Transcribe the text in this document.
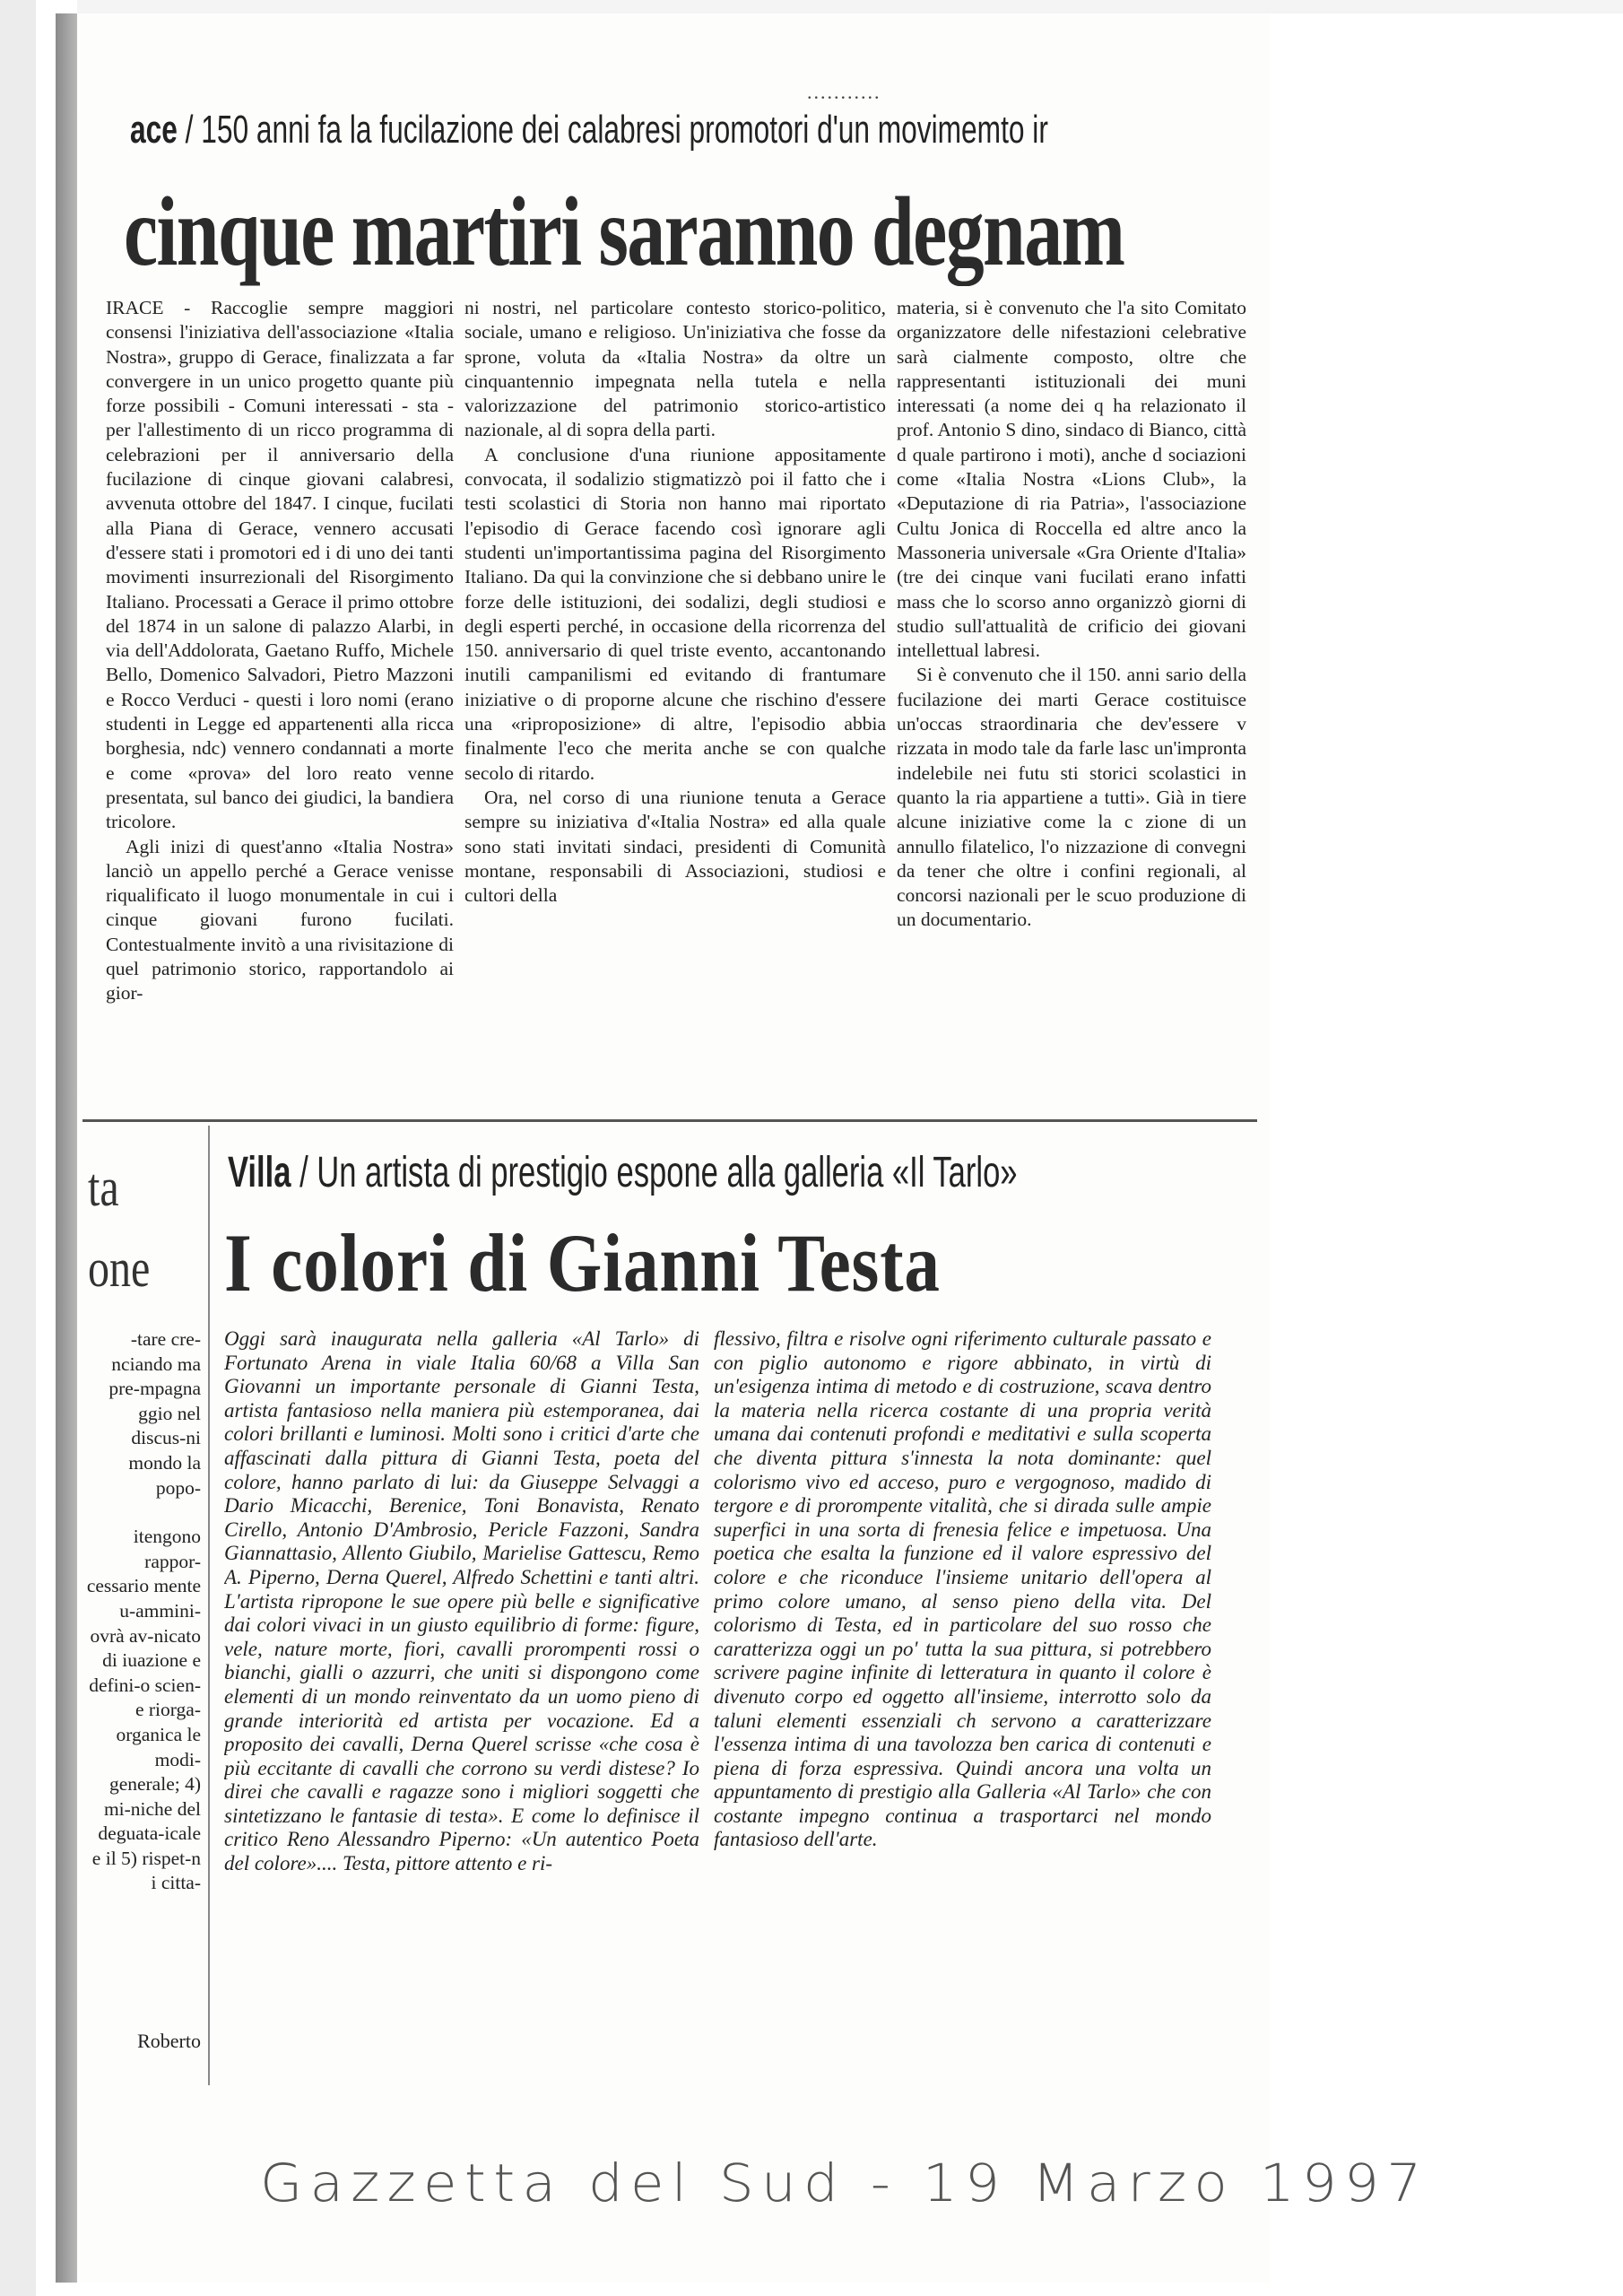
...........
ace / 150 anni fa la fucilazione dei calabresi promotori d'un movimemto ir
cinque martiri saranno degnam

IRACE - Raccoglie sempre maggiori consensi l'iniziativa dell'associazione «Italia Nostra», gruppo di Gerace, finalizzata a far convergere in un unico progetto quante più forze possibili - Comuni interessati - sta - per l'allestimento di un ricco programma di celebrazioni per il anniversario della fucilazione di cinque giovani calabresi, avvenuta ottobre del 1847. I cinque, fucilati alla Piana di Gerace, vennero accusati d'essere stati i promotori ed i di uno dei tanti movimenti insurrezionali del Risorgimento Italiano. Processati a Gerace il primo ottobre del 1874 in un salone di palazzo Alarbi, in via dell'Addolorata, Gaetano Ruffo, Michele Bello, Domenico Salvadori, Pietro Mazzoni e Rocco Verduci - questi i loro nomi (erano studenti in Legge ed appartenenti alla ricca borghesia, ndc) vennero condannati a morte e come «prova» del loro reato venne presentata, sul banco dei giudici, la bandiera tricolore.

Agli inizi di quest'anno «Italia Nostra» lanciò un appello perché a Gerace venisse riqualificato il luogo monumentale in cui i cinque giovani furono fucilati. Contestualmente invitò a una rivisitazione di quel patrimonio storico, rapportandolo ai gior-

ni nostri, nel particolare contesto storico-politico, sociale, umano e religioso. Un'iniziativa che fosse da sprone, voluta da «Italia Nostra» da oltre un cinquantennio impegnata nella tutela e nella valorizzazione del patrimonio storico-artistico nazionale, al di sopra della parti.

A conclusione d'una riunione appositamente convocata, il sodalizio stigmatizzò poi il fatto che i testi scolastici di Storia non hanno mai riportato l'episodio di Gerace facendo così ignorare agli studenti un'importantissima pagina del Risorgimento Italiano. Da qui la convinzione che si debbano unire le forze delle istituzioni, dei sodalizi, degli studiosi e degli esperti perché, in occasione della ricorrenza del 150. anniversario di quel triste evento, accantonando inutili campanilismi ed evitando di frantumare iniziative o di proporne alcune che rischino d'essere una «riproposizione» di altre, l'episodio abbia finalmente l'eco che merita anche se con qualche secolo di ritardo.

Ora, nel corso di una riunione tenuta a Gerace sempre su iniziativa d'«Italia Nostra» ed alla quale sono stati invitati sindaci, presidenti di Comunità montane, responsabili di Associazioni, studiosi e cultori della

materia, si è convenuto che l'a sito Comitato organizzatore delle nifestazioni celebrative sarà cialmente composto, oltre che rappresentanti istituzionali dei muni interessati (a nome dei q ha relazionato il prof. Antonio S dino, sindaco di Bianco, città d quale partirono i moti), anche d sociazioni come «Italia Nostra «Lions Club», la «Deputazione di ria Patria», l'associazione Cultu Jonica di Roccella ed altre anco la Massoneria universale «Gra Oriente d'Italia» (tre dei cinque vani fucilati erano infatti mass che lo scorso anno organizzò giorni di studio sull'attualità de crificio dei giovani intellettual labresi.

Si è convenuto che il 150. anni sario della fucilazione dei marti Gerace costituisce un'occas straordinaria che dev'essere v rizzata in modo tale da farle lasc un'impronta indelebile nei futu sti storici scolastici in quanto la ria appartiene a tutti». Già in tiere alcune iniziative come la c zione di un annullo filatelico, l'o nizzazione di convegni da tener che oltre i confini regionali, al concorsi nazionali per le scuo produzione di un documentario.

ta
one

-tare cre-nciando ma pre-mpagna ggio nel discus-ni mondo la popo-

itengono rappor-cessario mente u-ammini-ovrà av-nicato di iuazione e defini-o scien-e riorga-organica le modi-generale; 4) mi-niche del deguata-icale e il 5) rispet-n i citta-

Roberto
Villa / Un artista di prestigio espone alla galleria «Il Tarlo»
I colori di Gianni Testa

Oggi sarà inaugurata nella galleria «Al Tarlo» di Fortunato Arena in viale Italia 60/68 a Villa San Giovanni un importante personale di Gianni Testa, artista fantasioso nella maniera più estemporanea, dai colori brillanti e luminosi. Molti sono i critici d'arte che affascinati dalla pittura di Gianni Testa, poeta del colore, hanno parlato di lui: da Giuseppe Selvaggi a Dario Micacchi, Berenice, Toni Bonavista, Renato Cirello, Antonio D'Ambrosio, Pericle Fazzoni, Sandra Giannattasio, Allento Giubilo, Marielise Gattescu, Remo A. Piperno, Derna Querel, Alfredo Schettini e tanti altri. L'artista ripropone le sue opere più belle e significative dai colori vivaci in un giusto equilibrio di forme: figure, vele, nature morte, fiori, cavalli prorompenti rossi o bianchi, gialli o azzurri, che uniti si dispongono come elementi di un mondo reinventato da un uomo pieno di grande interiorità ed artista per vocazione. Ed a proposito dei cavalli, Derna Querel scrisse «che cosa è più eccitante di cavalli che corrono su verdi distese? Io direi che cavalli e ragazze sono i migliori soggetti che sintetizzano le fantasie di testa». E come lo definisce il critico Reno Alessandro Piperno: «Un autentico Poeta del colore».... Testa, pittore attento e ri-

flessivo, filtra e risolve ogni riferimento culturale passato e con piglio autonomo e rigore abbinato, in virtù di un'esigenza intima di metodo e di costruzione, scava dentro la materia nella ricerca costante di una propria verità umana dai contenuti profondi e meditativi e sulla scoperta che diventa pittura s'innesta la nota dominante: quel colorismo vivo ed acceso, puro e vergognoso, madido di tergore e di prorompente vitalità, che si dirada sulle ampie superfici in una sorta di frenesia felice e impetuosa. Una poetica che esalta la funzione ed il valore espressivo del colore e che riconduce l'insieme unitario dell'opera al primo colore umano, al senso pieno della vita. Del colorismo di Testa, ed in particolare del suo rosso che caratterizza oggi un po' tutta la sua pittura, si potrebbero scrivere pagine infinite di letteratura in quanto il colore è divenuto corpo ed oggetto all'insieme, interrotto solo da taluni elementi essenziali ch servono a caratterizzare l'essenza intima di una tavolozza ben carica di contenuti e piena di forza espressiva. Quindi ancora una volta un appuntamento di prestigio alla Galleria «Al Tarlo» che con costante impegno continua a trasportarci nel mondo fantasioso dell'arte.

Gazzetta del Sud - 19 Marzo 1997
